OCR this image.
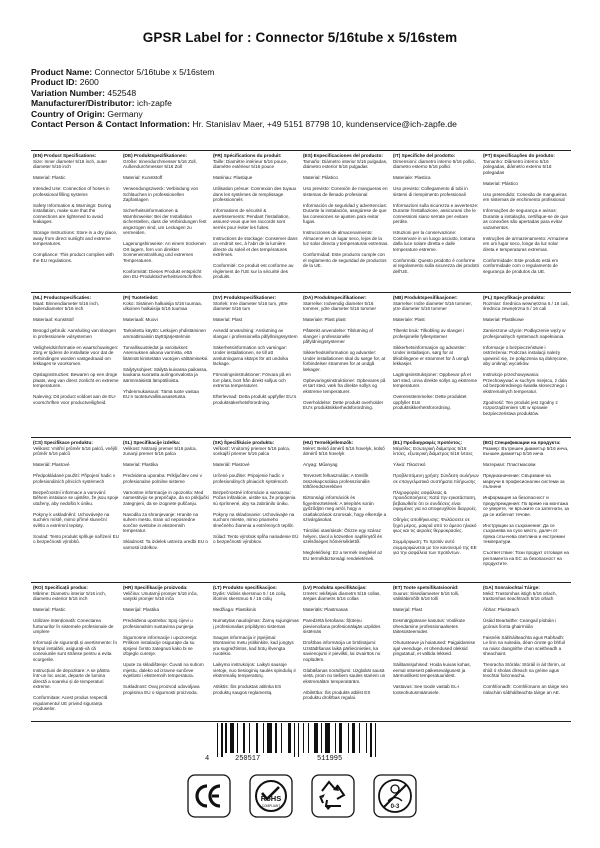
GPSR Label for : Connector 5/16tube x 5/16stem
Product Name: Connector 5/16tube x 5/16stem
Product ID: 2600
Variation Number: 452548
Manufacturer/Distributor: ich-zapfe
Country of Origin: Germany
Contact Person & Contact Information: Hr. Stanislav Maer, +49 5151 87798 10, kundenservice@ich-zapfe.de
(EN) Product Specifications:
Size: Inner diameter 5/16 inch, outer diameter 5/16 inch

Material: Plastic

Intended Use: Connection of hoses in professional filling systems

Safety Information & Warnings: During installation, make sure that the connections are tightened to avoid leakages.

Storage Instructions: Store in a dry place, away from direct sunlight and extreme temperatures.

Compliance: This product complies with the EU regulations.
(DE) Produktspezifikationen:
Größe: Innendurchmesser 5/16 Zoll, Außendurchmesser 5/16 Zoll

Material: Kunststoff

Verwendungszweck: Verbindung von Schläuchen in professionellen Zapfanlagen

Sicherheitsinformationen & Warnhinweise: Bei der Installation sicherstellen, dass die Verbindungen fest angezogen sind, um Leckagen zu vermeiden.

Lagerungshinweise: An einem trockenen Ort lagern, fern von direkter Sonneneinstrahlung und extremen Temperaturen.

Konformität: Dieses Produkt entspricht den EU-Produktsicherheitsvorschriften.
(FR) Spécifications du produit:
Taille: Diamètre intérieur 5/16 pouce, diamètre extérieur 5/16 pouce

Matériau: Plastique

Utilisation prévue: Connexion des tuyaux dans les systèmes de remplissage professionnels

Informations de sécurité & avertissements: Pendant l'installation, assurez-vous que les raccords sont serrés pour éviter les fuites.

Instructions de stockage: Conserver dans un endroit sec, à l'abri de la lumière directe du soleil et des températures extrêmes.

Conformité: Ce produit est conforme au règlement de l'UE sur la sécurité des produits.
(ES) Especificaciones del producto:
Tamaño: Diámetro interior 5/16 pulgadas, diámetro exterior 5/16 pulgadas

Material: Plástico

Uso previsto: Conexión de mangueras en sistemas de llenado profesional

Información de seguridad y advertencias: Durante la instalación, asegúrese de que las conexiones se ajusten para evitar fugas.

Instrucciones de almacenamiento: Almacene en un lugar seco, lejos de la luz solar directa y temperaturas extremas.

Conformidad: Este producto cumple con el reglamento de seguridad de productos de la UE.
(IT) Specifiche del prodotto:
Dimensioni: diametro interno 5/16 pollici, diametro esterno 5/16 pollici

Materiale: Plastica

Uso previsto: Collegamento di tubi in sistemi di riempimento professionali

Informazioni sulla sicurezza e avvertenze: Durante l'installazione, assicurarsi che le connessioni siano serrate per evitare perdite.

Istruzioni per la conservazione: Conservare in un luogo asciutto, lontano dalla luce solare diretta e dalle temperature estreme.

Conformità: Questo prodotto è conforme al regolamento sulla sicurezza dei prodotti dell'UE.
(PT) Especificações do produto:
Tamanho: Diâmetro interno 5/16 polegadas, diâmetro externo 5/16 polegadas

Material: Plástico

Uso pretendido: Conexão de mangueiras em sistemas de enchimento profissional

Informações de segurança e avisos: Durante a instalação, certifique-se de que as conexões são apertadas para evitar vazamentos.

Instruções de armazenamento: Armazene em um lugar seco, longe da luz solar direta e temperaturas extremas.

Conformidade: Este produto está em conformidade com o regulamento de segurança de produtos da UE.
(NL) Productspecificaties:
Maat: Binnendiameter 5/16 inch, buitendiameter 5/16 inch

Materiaal: Kunststof

Beoogd gebruik: Aansluiting van slangen in professionele vulsystemen

Veiligheidsinformatie en waarschuwingen: Zorg er tijdens de installatie voor dat de verbindingen worden vastgedraaid om lekkages te voorkomen.

Opslaginstructies: Bewaren op een droge plaats, weg van direct zonlicht en extreme temperaturen.

Naleving: Dit product voldoet aan de EU-voorschriften voor productveiligheid.
(FI) Tuotetiedot:
Koko: Sisäinen halkaisija 5/16 tuumaa, ulkoinen halkaisija 5/16 tuumaa

Materiaali: Muovi

Tarkoitettu käyttö: Letkujen yhdistäminen ammattimaisiin täyttöjärjestelmiin

Turvallisuustiedot ja varoitukset: Asennuksen aikana varmista, että liitännät kiristetään vuotojen välttämiseksi.

Säilytysohjeet: Säilytä kuivassa paikassa, kaukana suorasta auringonvalosta ja äärimmäisistä lämpötiloista.

Yhdenmukaisuus: Tämä tuote vastaa EU:n tuoteturvallisuusasetusta.
(SV) Produktspecifikationer:
Storlek: Inre diameter 5/16 tum, yttre diameter 5/16 tum

Material: Plast

Avsedd användning: Anslutning av slangar i professionella påfyllningssystem

Säkerhetsinformation och varningar: Under installationen, se till att anslutningarna skärps för att undvika läckage.

Förvaringsinstruktioner: Förvara på en torr plats, bort från direkt solljus och extrema temperaturer.

Efterlevnad: Detta produkt uppfyller EU:s produktsäkerhetsförordning.
(DA) Produktspecifikationer:
Størrelse: Indvendig diameter 5/16 tommer, ydre diameter 5/16 tommer

Materiale: Plast plast

Påtænkt anvendelse: Tilslutning af slanger i professionelle påfyldningssystemer

Sikkerhedsinformation og advarsler: Under installationen skal du sørge for, at forbindelser strammes for at undgå lækager.

Opbevaringsinstruktioner: Opbevares på et tørt sted, væk fra direkte sollys og ekstreme temperaturer.

Overholdelse: Dette produkt overholder EU's produktsikkerhedsforordning.
(NB) Produktspesifikasjoner:
Størrelse: Indre diameter 5/16 tommer, ytre diameter 5/16 tommer

Materiale: Plast

Tiltenkt bruk: Tilkobling av slanger i profesjonelle fyllesystemer

Sikkerhetsinformasjon og advarsler: Under installasjon, sørg for at tilkoblingene er strammet for å unngå lekkasjer.

Lagringsinstruksjoner: Oppbevar på et tørt sted, unna direkte sollys og ekstreme temperaturer.

Overensstemmelse: Dette produktet oppfyller EUs produktsikkerhetsforordning.
(PL) Specyfikacje produktu:
Rozmiar: Średnica wewnętrzna 5 / 16 cali, średnica zewnętrzna 5 / 16 cali

Materiał: Plastikowe

Zamierzone użycie: Podłączenie węży w profesjonalnych systemach napełniania

Informacje o bezpieczeństwie i ostrzeżenia: Podczas instalacji należy upewnić się, że połączenia są dokręcone, aby uniknąć wycieków.

Instrukcje przechowywania: Przechowywać w suchym miejscu, z dala od bezpośredniego światła słonecznego i ekstremalnych temperatur.

Zgodność: Ten produkt jest zgodny z rozporządzeniem UE w sprawie bezpieczeństwa produktów.
(CS) Specifikace produktu:
Velikost: Vnitřní průměr 5/16 palců, vnější průměr 5/16 palců

Materiál: Plastové

Předpokládané použití: Připojení hadic v profesionálních plnicích systémech

Bezpečnostní informace a varování: Během instalace se ujistěte, že jsou spoje utaženy, aby nedošlo k úniku.

Pokyny k uskladnění: Uchovávejte na suchém místě, mimo přímé sluneční světlo a extrémní teploty.

Soulad: Tento produkt splňuje nařízení EU o bezpečnosti výrobků.
(SL) Specifikacije izdelka:
Velikost: Notranji premer 5/16 palca, zunanji premer 5/16 palca

Material: Plastika

Predvidena uporaba: Priključitev cevi v profesionalne polnilne sisteme

Varnostne informacije in opozorila: Med namestitvijo se prepričajte, da so priključki zategnjeni, da se izognete puščanju.

Navodila za shranjevanje: Hranite na suhem mestu, stran od neposredne sončne svetlobe in ekstremnih temperatur.

Skladnost: Ta izdelek ustreza uredbi EU o varnosti izdelkov.
(SK) Špecifikácie produktu:
Veľkosť: Vnútorný priemer 5/16 palca, vonkajší priemer 5/16 palca

Materiál: Plastové

Určené použitie: Pripojenie hadíc v profesionálnych plniacich systémoch

Bezpečnostné informácie a varovania: Počas inštalácie, uistite sa, že pripojenia sú sprísnené, aby sa zabránilo úniku.

Pokyny na skladovanie: Uchovávajte na suchom mieste, mimo priameho slnečného žiarenia a extrémnych teplôt.

Súlad: Tento výrobok spĺňa nariadenie EÚ o bezpečnosti výrobkov.
(HU) Termékjellemzők:
Méret: Belső átmérő 5/16 hüvelyk, külső átmérő 5/16 hüvelyk

Anyag: Műanyag

Tervezett felhasználás: A tömlők összekapcsolása professzionális töltőrendszerekben

Biztonsági információk és figyelmeztetések: A telepítés során győződjön meg arról, hogy a csatlakozások szorosak, hogy elkerülje a szivárgásokat.

Tárolási utasítások: Őrizze egy száraz helyen, távol a közvetlen napfénytől és szélsőséges hőmérséklettől.

Megfelelőség: Ez a termék megfelel az EU termékbiztonsági rendeletének.
(EL) Προδιαγραφές προϊόντος:
Μέγεθος: Εσωτερική διάμετρος 5/16 ίντσες, εξωτερική διάμετρος 5/16 ίντσες

Υλικό: Πλαστικό

Προβλεπόμενη χρήση: Σύνδεση σωλήνων σε επαγγελματικά συστήματα πλήρωσης

Πληροφορίες ασφάλειας & προειδοποιήσεις: Κατά την εγκατάσταση, βεβαιωθείτε ότι οι συνδέσεις είναι σφιγμένες για να αποφευχθούν διαρροές.

Οδηγίες αποθήκευσης: Φυλάσσετε σε ξηρό μέρος, μακριά από το άμεσο ηλιακό φως και τις ακραίες θερμοκρασίες.

Συμμόρφωση: Το προϊόν αυτό συμμορφώνεται με τον κανονισμό της ΕΕ για την ασφάλεια των προϊόντων.
(BG) Спецификации на продукта:
Размер: Вътрешен диаметър 5/16 инча, външен диаметър 5/16 инча

Материал: Пластмасови

Предназначение: Свързване на маркучи в професионални системи за пълнене

Информация за безопасност и предупреждения: По време на монтажа се уверете, че връзките са затегнати, за да се избегнат течове.

Инструкции за съхранение: Да се съхранява на сухо място, далеч от пряка слънчева светлина и екстремни температури.

Съответствие: Този продукт отговаря на регламента на ЕС за безопасност на продуктите.
(RO) Specificații produs:
Mărime: Diametru interior 5/16 inch, diametru exterior 5/16 inch

Material: Plastic

Utilizare intenționată: Conectarea furtunurilor în sistemele profesionale de umplere

Informații de siguranță și avertismente: În timpul instalării, asigurați-vă că conexiunile sunt strânse pentru a evita scurgerile.

Instrucțiuni de depozitare: A se păstra într-un loc uscat, departe de lumina directă a soarelui și de temperaturi extreme.

Conformitate: Acest produs respectă regulamentul UE privind siguranța produselor.
(HR) Specifikacije proizvoda:
Veličina: Unutarnji promjer 5/16 inča, vanjski promjer 5/16 inča

Materijal: Plastika

Predviđena upotreba: Spoj cijevi u profesionalnim sustavima punjenja

Sigurnosne informacije i upozorenja: Prilikom instalacije osigurajte da su spojevi čvrsto zategnuti kako bi se izbjeglo curenje.

Upute za skladištenje: Čuvati na suhom mjestu, daleko od izravne sunčeve svjetlosti i ekstremnih temperatura.

Sukladnost: Ovaj proizvod udovoljava propisima EU o sigurnosti proizvoda.
(LT) Produkto specifikacijos:
Dydis: Vidinis skersmuo 5 / 16 colių, išorinis skersmuo 5 / 16 colių

Medžiaga: Plastikinis

Numatytas naudojimas: Žarnų sujungimas į profesionalias pripildymo sistemas

Saugos informacija ir įspėjimai: Montavimo metu įsitikinkite, kad jungtys yra sugriežtintos, kad būtų išvengta nuotėkio.

Laikymo instrukcijos: Laikyti sausoje vietoje, nuo tiesioginių saulės spindulių ir ekstremalių temperatūrų.

Atitiktis: Šis produktas atitinka ES produktų saugos reglamentą.
(LV) Produkta specifikācijas:
Izmērs: Iekšējais diametrs 5/16 collas, ārējais diametrs 5/16 collas

Materiāls: Plastmasas

Paredzētā lietošana: Šļūteņu pievienošana profesionālajās uzpildes sistēmās

Drošības informācija un brīdinājumi: Uzstādīšanas laikā pārliecinieties, ka savienojumi ir pievilkti, lai izvairītos no noplūdēm.

Glabāšanas norādījumi: Uzglabāt sausā vietā, prom no tiešiem saules stariem un ekstremālām temperatūrām.

Atbilstība: Šis produkts atbilst ES produktu drošības regulai.
(ET) Toote spetsifikatsioonid:
Suurus: Sisediameeter 5/16 tolli, välisläbimõõt 5/16 tolli

Materjal: Plast

Eesmärgipärane kasutus: Voolikute ühendamine professionaalsetes täitesüsteemides

Ohutusteave ja hoiatused: Paigaldamise ajal veenduge, et ühendused oleksid pingutatud, et vältida lekkeid.

Säilitamisjuhised: Hoida kuivas kohas, eemal otsesest päikesevalgusest ja äärmuslikest temperatuuridest.

Vastavus: See toode vastab EL-i tooteohutusmäärusele.
(GA) Sonraíochtaí Táirge:
Méid: Trastomhas istigh 5/16 orlach, trastomhas seachtrach 5/16 orlach

Ábhar: Plaisteach

Úsáid Beartaithe: Ceangail píobáin i gcórais líonta ghairmiúla

Faisnéis Sábháilteachta agus Rabhadh: Le linn na suiteála, déan cinnte go bhfuil na naisc daingnithe chun sceitheadh a sheachaint.

Treoracha Stórála: Stóráil in áit thirim, ar shiúl ó sholas díreach na gréine agus teochtaí foircneacha.

Comhlíonadh: Comhlíonann an táirge seo rialachán sábháilteachta táirge an AE.
4	250517	511995
RoHS
COMPLIANT	0-3
